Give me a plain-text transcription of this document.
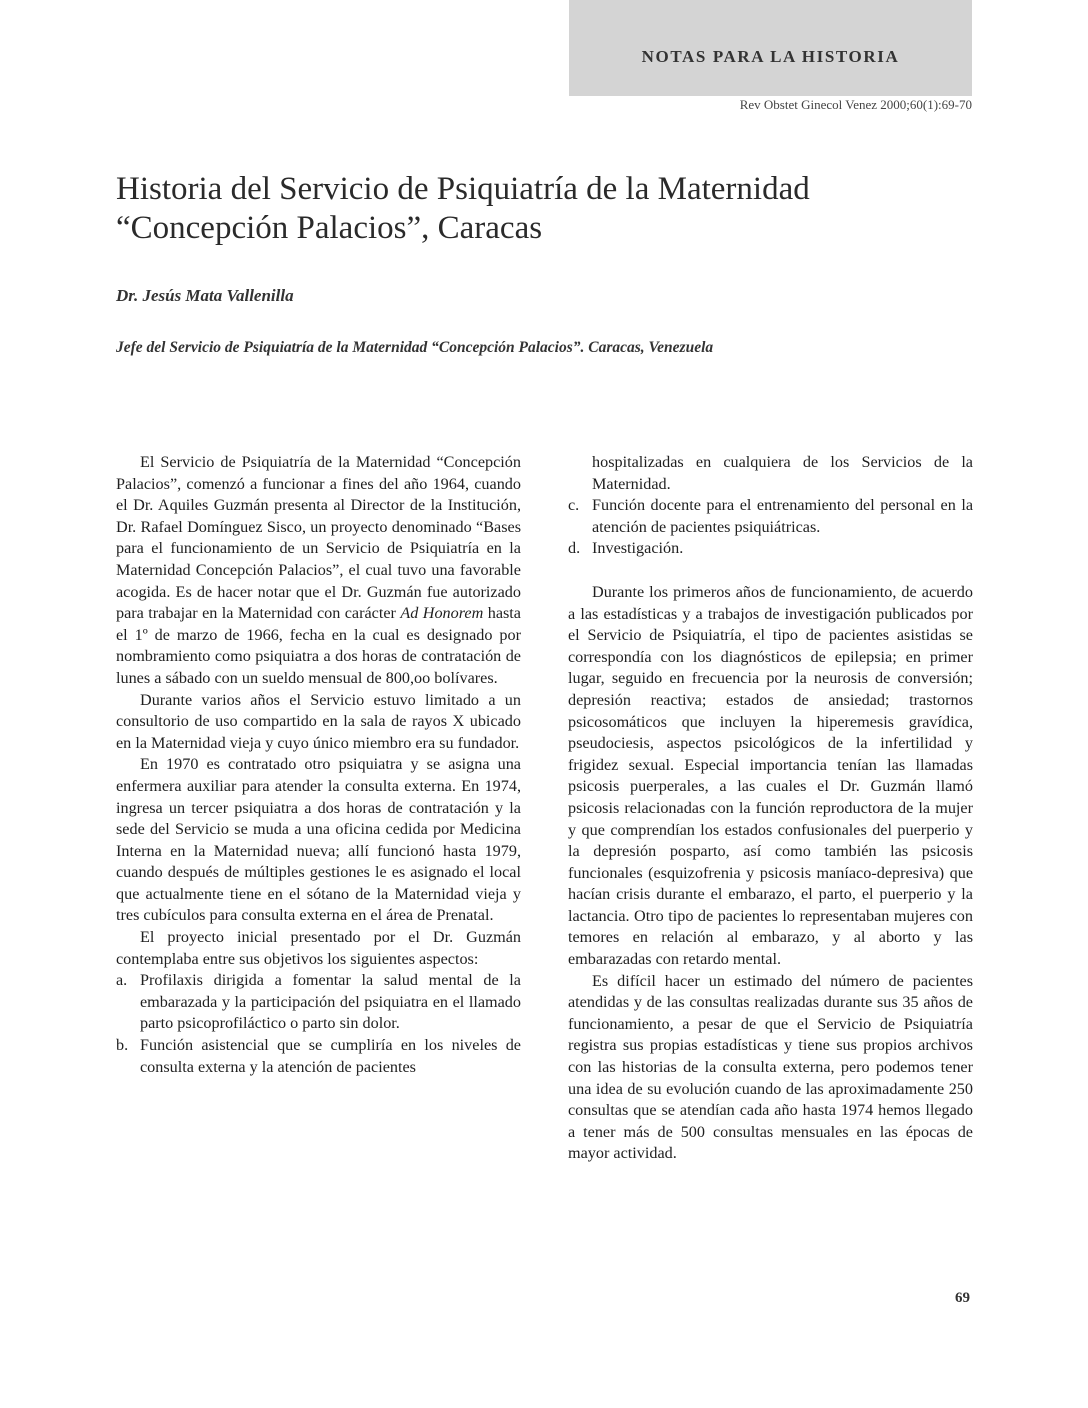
NOTAS PARA LA HISTORIA
Rev Obstet Ginecol Venez 2000;60(1):69-70
Historia del Servicio de Psiquiatría de la Maternidad “Concepción Palacios”, Caracas
Dr. Jesús Mata Vallenilla
Jefe del Servicio de Psiquiatría de la Maternidad “Concepción Palacios”. Caracas, Venezuela

El Servicio de Psiquiatría de la Maternidad “Concepción Palacios”, comenzó a funcionar a fines del año 1964, cuando el Dr. Aquiles Guzmán presenta al Director de la Institución, Dr. Rafael Domínguez Sisco, un proyecto denominado “Bases para el funcionamiento de un Servicio de Psiquiatría en la Maternidad Concepción Palacios”, el cual tuvo una favorable acogida. Es de hacer notar que el Dr. Guzmán fue autorizado para trabajar en la Maternidad con carácter Ad Honorem hasta el 1º de marzo de 1966, fecha en la cual es designado por nombramiento como psiquiatra a dos horas de contratación de lunes a sábado con un sueldo mensual de 800,oo bolívares.

Durante varios años el Servicio estuvo limitado a un consultorio de uso compartido en la sala de rayos X ubicado en la Maternidad vieja y cuyo único miembro era su fundador.

En 1970 es contratado otro psiquiatra y se asigna una enfermera auxiliar para atender la consulta externa. En 1974, ingresa un tercer psiquiatra a dos horas de contratación y la sede del Servicio se muda a una oficina cedida por Medicina Interna en la Maternidad nueva; allí funcionó hasta 1979, cuando después de múltiples gestiones le es asignado el local que actualmente tiene en el sótano de la Maternidad vieja y tres cubículos para consulta externa en el área de Prenatal.

El proyecto inicial presentado por el Dr. Guzmán contemplaba entre sus objetivos los siguientes aspectos:

a. Profilaxis dirigida a fomentar la salud mental de la embarazada y la participación del psiquiatra en el llamado parto psicoprofiláctico o parto sin dolor.
b. Función asistencial que se cumpliría en los niveles de consulta externa y la atención de pacientes
hospitalizadas en cualquiera de los Servicios de la Maternidad.
c. Función docente para el entrenamiento del personal en la atención de pacientes psiquiátricas.
d. Investigación.

Durante los primeros años de funcionamiento, de acuerdo a las estadísticas y a trabajos de investigación publicados por el Servicio de Psiquiatría, el tipo de pacientes asistidas se correspondía con los diagnósticos de epilepsia; en primer lugar, seguido en frecuencia por la neurosis de conversión; depresión reactiva; estados de ansiedad; trastornos psicosomáticos que incluyen la hiperemesis gravídica, pseudociesis, aspectos psicológicos de la infertilidad y frigidez sexual. Especial importancia tenían las llamadas psicosis puerperales, a las cuales el Dr. Guzmán llamó psicosis relacionadas con la función reproductora de la mujer y que comprendían los estados confusionales del puerperio y la depresión posparto, así como también las psicosis funcionales (esquizofrenia y psicosis maníaco-depresiva) que hacían crisis durante el embarazo, el parto, el puerperio y la lactancia. Otro tipo de pacientes lo representaban mujeres con temores en relación al embarazo, y al aborto y las embarazadas con retardo mental.

Es difícil hacer un estimado del número de pacientes atendidas y de las consultas realizadas durante sus 35 años de funcionamiento, a pesar de que el Servicio de Psiquiatría registra sus propias estadísticas y tiene sus propios archivos con las historias de la consulta externa, pero podemos tener una idea de su evolución cuando de las aproximadamente 250 consultas que se atendían cada año hasta 1974 hemos llegado a tener más de 500 consultas mensuales en las épocas de mayor actividad.

69
